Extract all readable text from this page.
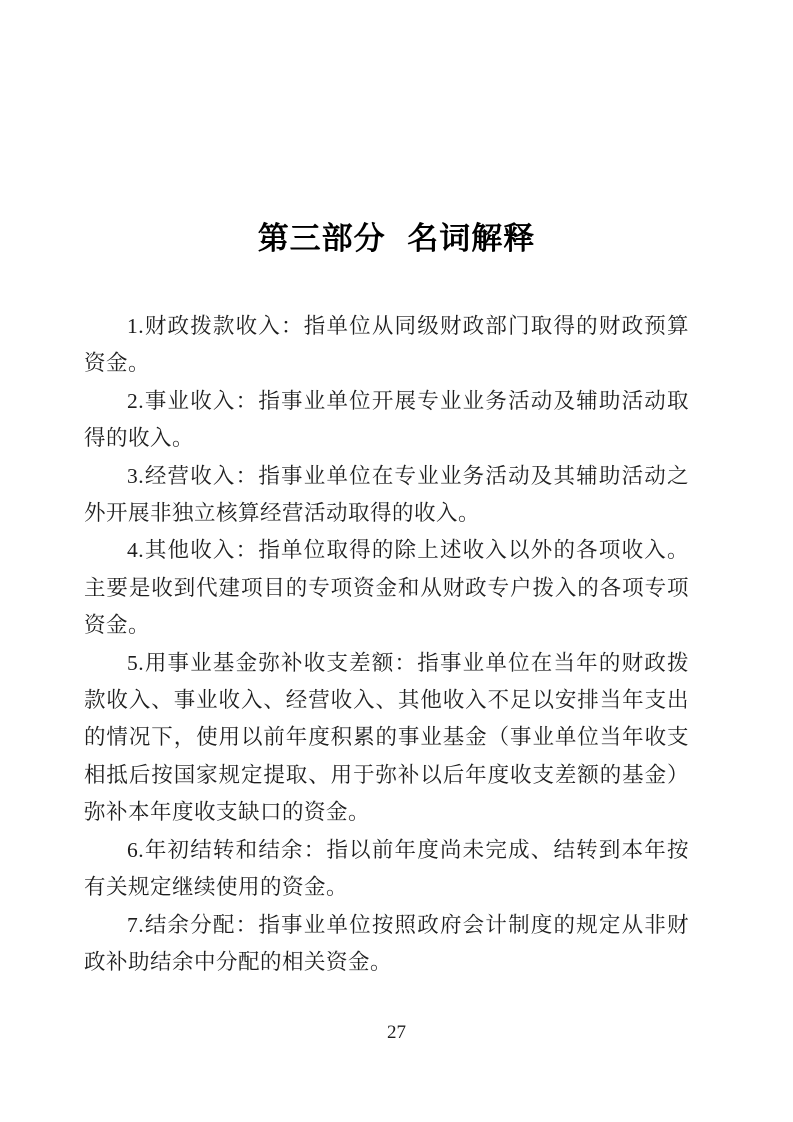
第三部分 名词解释

1.财政拨款收入：指单位从同级财政部门取得的财政预算资金。

2.事业收入：指事业单位开展专业业务活动及辅助活动取得的收入。

3.经营收入：指事业单位在专业业务活动及其辅助活动之外开展非独立核算经营活动取得的收入。

4.其他收入：指单位取得的除上述收入以外的各项收入。主要是收到代建项目的专项资金和从财政专户拨入的各项专项资金。

5.用事业基金弥补收支差额：指事业单位在当年的财政拨款收入、事业收入、经营收入、其他收入不足以安排当年支出的情况下，使用以前年度积累的事业基金（事业单位当年收支相抵后按国家规定提取、用于弥补以后年度收支差额的基金）弥补本年度收支缺口的资金。

6.年初结转和结余：指以前年度尚未完成、结转到本年按有关规定继续使用的资金。

7.结余分配：指事业单位按照政府会计制度的规定从非财政补助结余中分配的相关资金。

27
